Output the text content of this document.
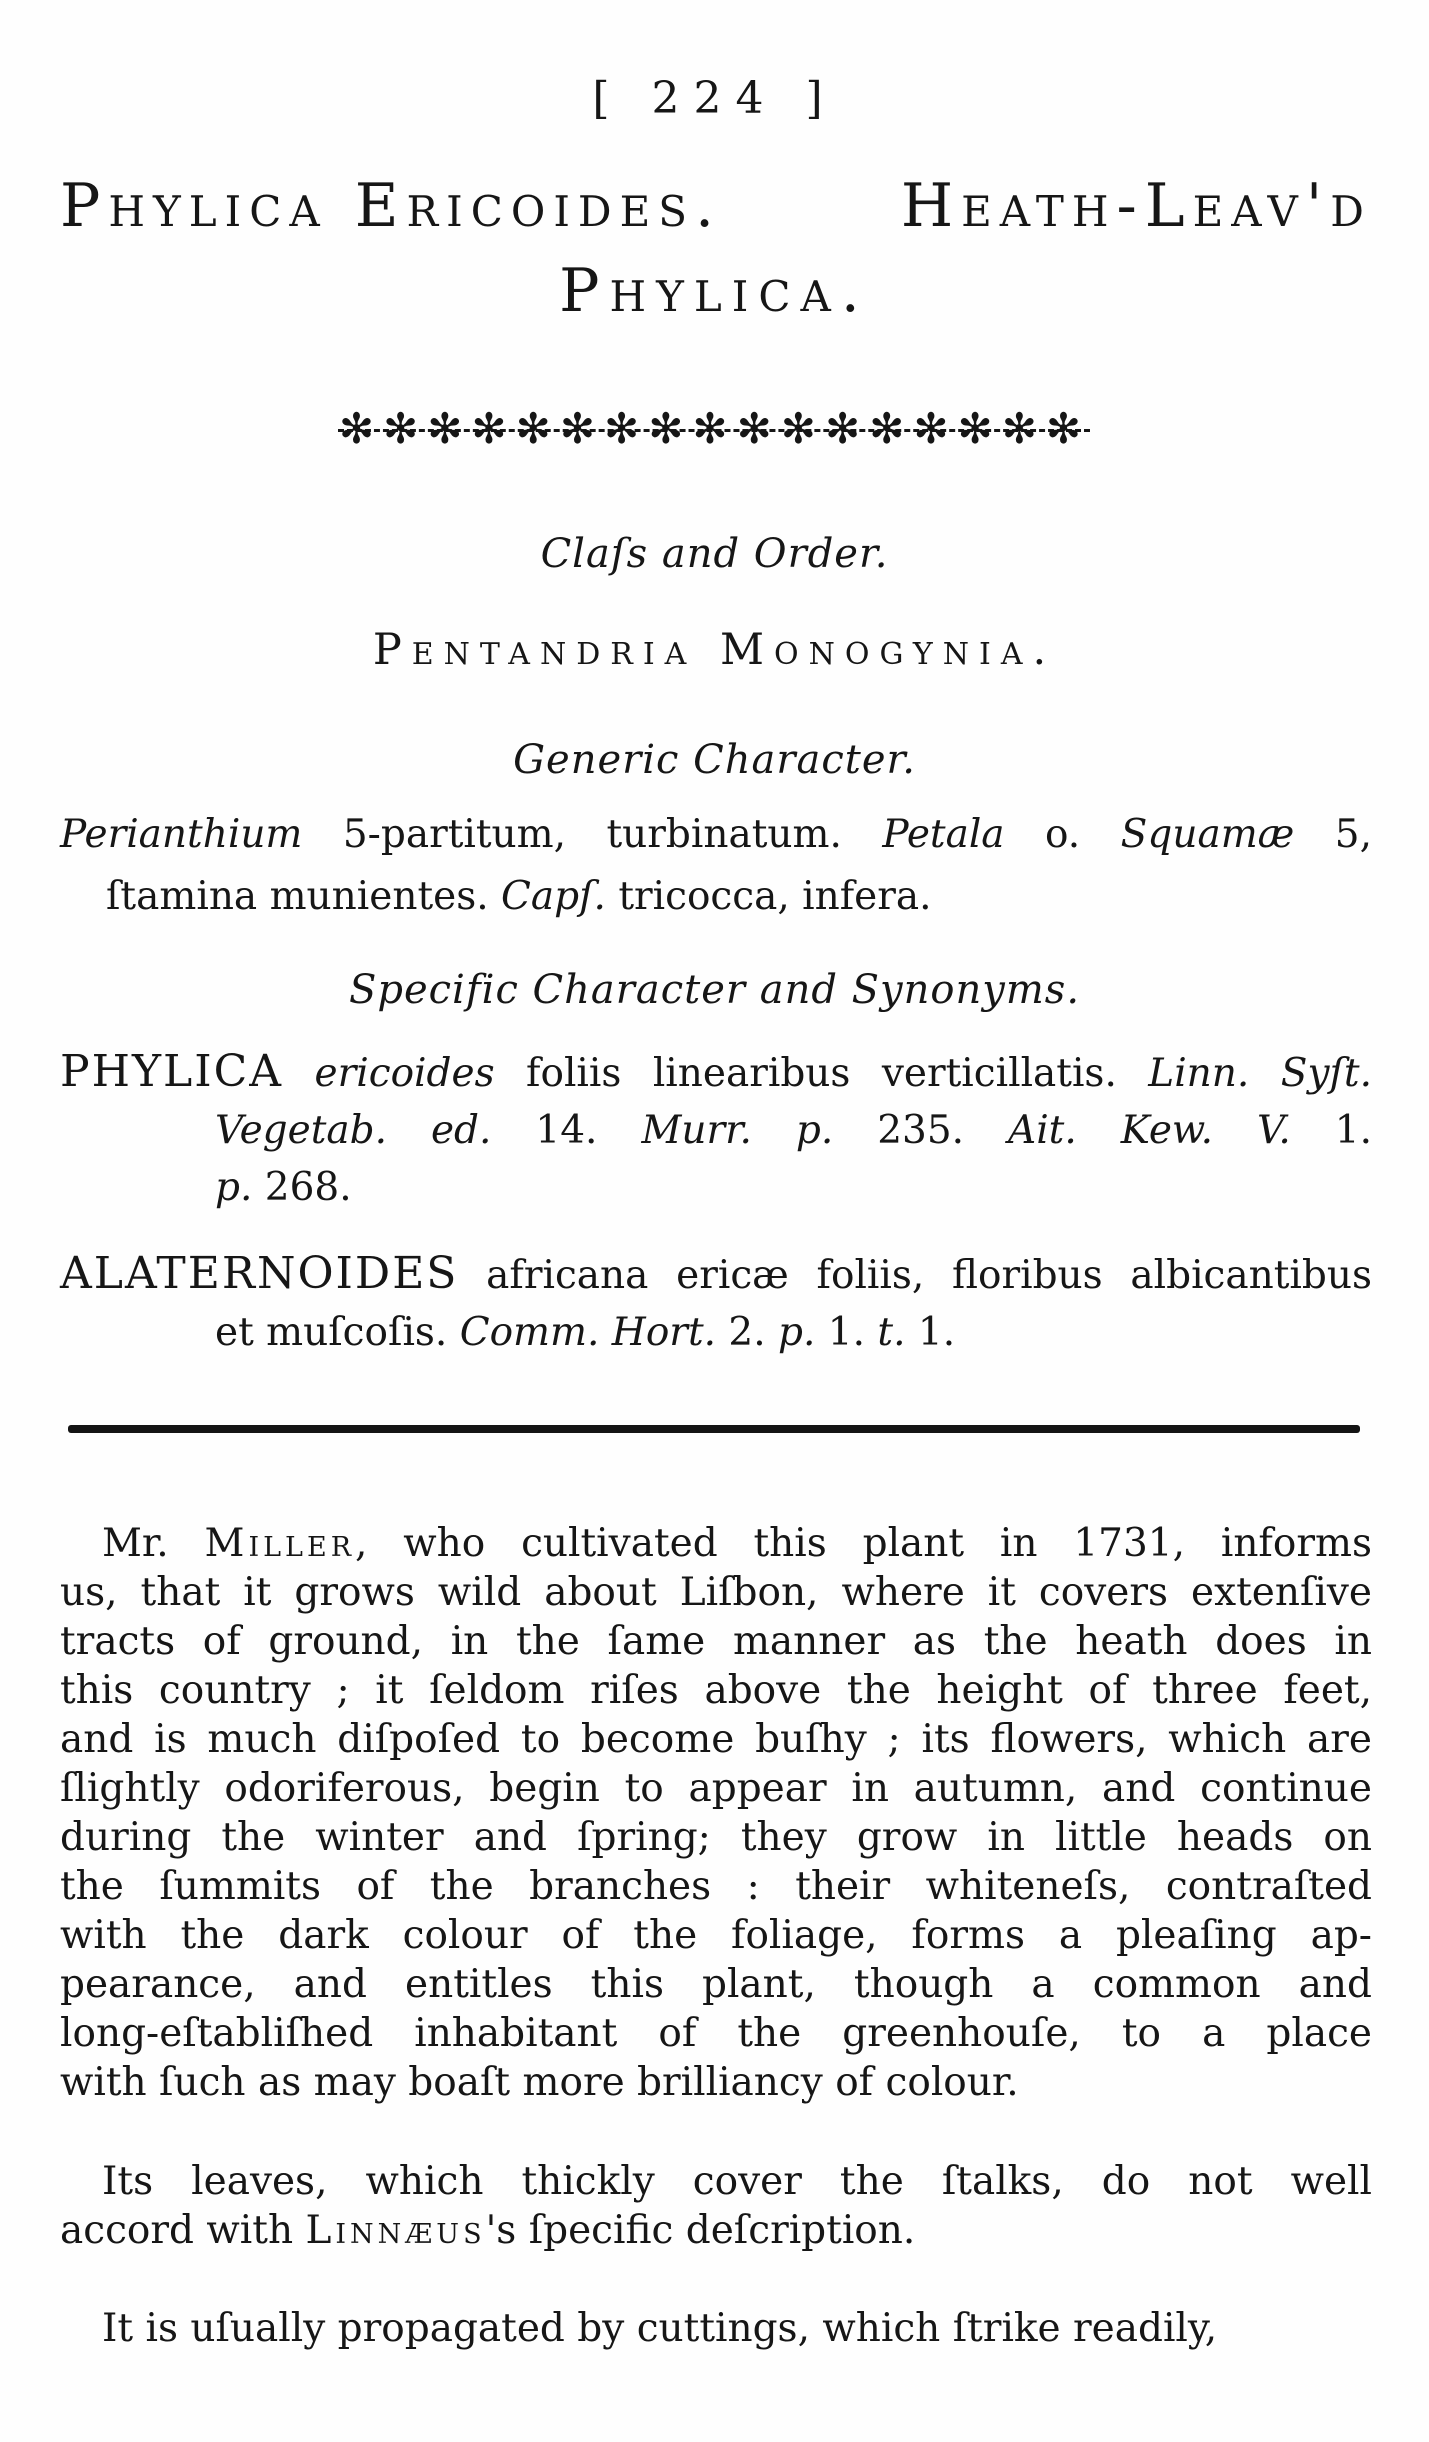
[ 224 ]
Phylica Ericoides.	Heath-Leav'd
Phylica.
✻✻✻✻✻✻✻✻✻✻✻✻✻✻✻✻✻
Claſs and Order.
Pentandria Monogynia.
Generic Character.
Perianthium 5-partitum, turbinatum. Petala o. Squamæ 5,
ſtamina munientes. Capſ. tricocca, infera.
Specific Character and Synonyms.
PHYLICA ericoides foliis linearibus verticillatis. Linn. Syſt.
Vegetab. ed. 14. Murr. p. 235. Ait. Kew. V. 1.
p. 268.
ALATERNOIDES africana ericæ foliis, floribus albicantibus
et muſcoſis. Comm. Hort. 2. p. 1. t. 1.
Mr. Miller, who cultivated this plant in 1731, informs
us, that it grows wild about Liſbon, where it covers extenſive
tracts of ground, in the ſame manner as the heath does in
this country ; it ſeldom riſes above the height of three feet,
and is much diſpoſed to become buſhy ; its flowers, which are
ſlightly odoriferous, begin to appear in autumn, and continue
during the winter and ſpring; they grow in little heads on
the ſummits of the branches : their whiteneſs, contraſted
with the dark colour of the foliage, forms a pleaſing ap-
pearance, and entitles this plant, though a common and
long-eſtabliſhed inhabitant of the greenhouſe, to a place
with ſuch as may boaſt more brilliancy of colour.
Its leaves, which thickly cover the ſtalks, do not well
accord with Linnæus's ſpecific deſcription.
It is uſually propagated by cuttings, which ſtrike readily,
